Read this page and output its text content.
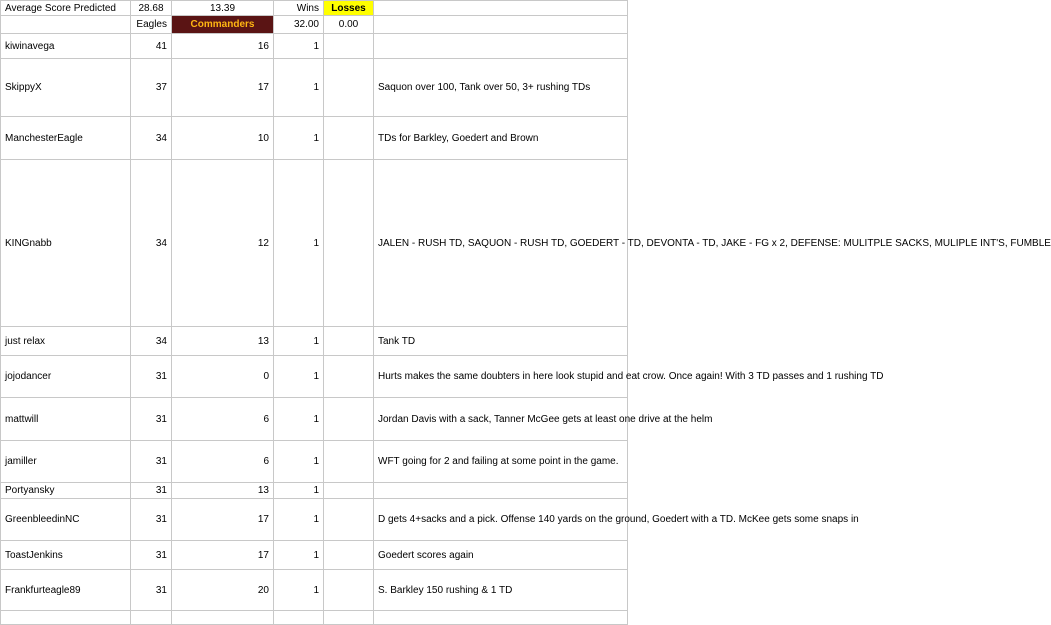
Average Score Predicted	28.68	13.39	Wins	Losses	
	Eagles	Commanders	32.00	0.00	
kiwinavega	41	16	1		
SkippyX	37	17	1		Saquon over 100, Tank over 50, 3+ rushing TDs
ManchesterEagle	34	10	1		TDs for Barkley, Goedert and Brown
KINGnabb	34	12	1		JALEN - RUSH TD, SAQUON - RUSH TD, GOEDERT - TD, DEVONTA - TD, JAKE - FG x 2, DEFENSE: MULITPLE SACKS, MULIPLE INT'S, FUMBLE
just relax	34	13	1		Tank TD
jojodancer	31	0	1		Hurts makes the same doubters in here look stupid and eat crow. Once again! With 3 TD passes and 1 rushing TD
mattwill	31	6	1		Jordan Davis with a sack, Tanner McGee gets at least one drive at the helm
jamiller	31	6	1		WFT going for 2 and failing at some point in the game.
Portyansky	31	13	1		
GreenbleedinNC	31	17	1		D gets 4+sacks and a pick. Offense 140 yards on the ground, Goedert with a TD. McKee gets some snaps in
ToastJenkins	31	17	1		Goedert scores again
Frankfurteagle89	31	20	1		S. Barkley 150 rushing & 1 TD
